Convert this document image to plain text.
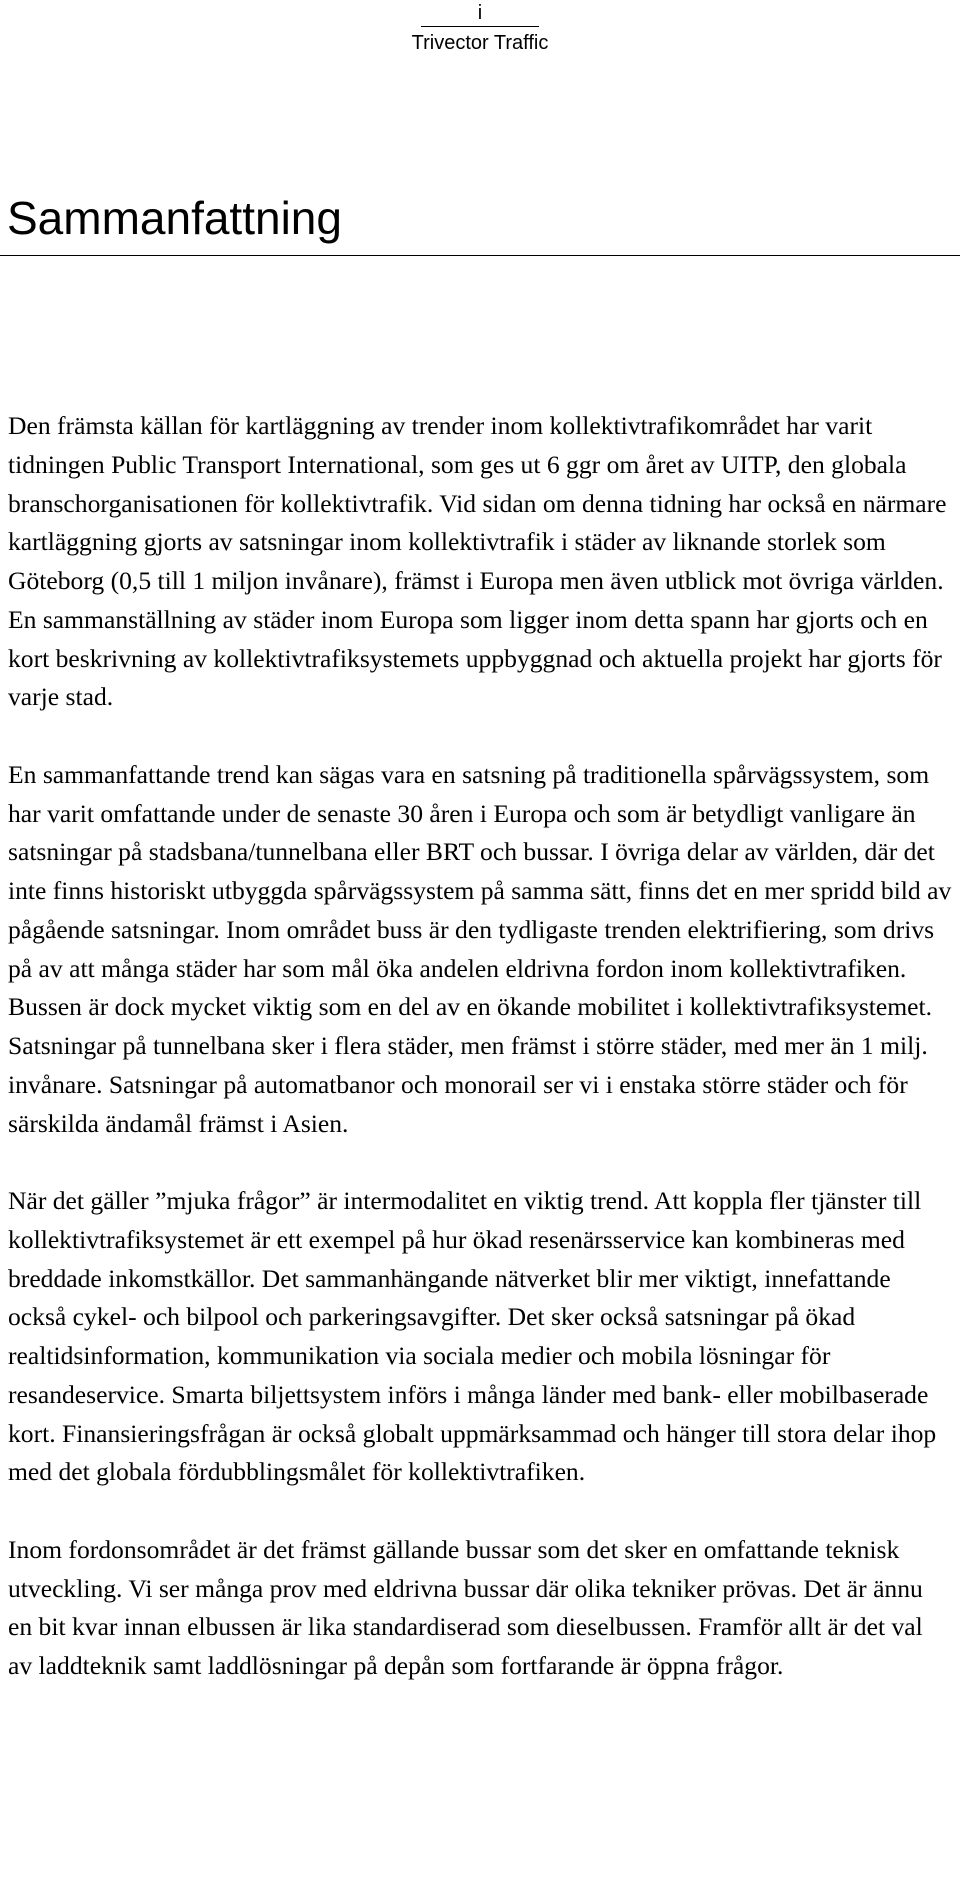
i
Trivector Traffic
Sammanfattning

Den främsta källan för kartläggning av trender inom kollektivtrafikområdet har varit tidningen Public Transport International, som ges ut 6 ggr om året av UITP, den globala branschorganisationen för kollektivtrafik. Vid sidan om denna tidning har också en närmare kartläggning gjorts av satsningar inom kollektivtrafik i städer av liknande storlek som Göteborg (0,5 till 1 miljon invånare), främst i Europa men även utblick mot övriga världen. En sammanställning av städer inom Europa som ligger inom detta spann har gjorts och en kort beskrivning av kollektivtrafiksystemets uppbyggnad och aktuella projekt har gjorts för varje stad.

En sammanfattande trend kan sägas vara en satsning på traditionella spårvägssystem, som har varit omfattande under de senaste 30 åren i Europa och som är betydligt vanligare än satsningar på stadsbana/tunnelbana eller BRT och bussar. I övriga delar av världen, där det inte finns historiskt utbyggda spårvägssystem på samma sätt, finns det en mer spridd bild av pågående satsningar. Inom området buss är den tydligaste trenden elektrifiering, som drivs på av att många städer har som mål öka andelen eldrivna fordon inom kollektivtrafiken. Bussen är dock mycket viktig som en del av en ökande mobilitet i kollektivtrafiksystemet. Satsningar på tunnelbana sker i flera städer, men främst i större städer, med mer än 1 milj. invånare. Satsningar på automatbanor och monorail ser vi i enstaka större städer och för särskilda ändamål främst i Asien.

När det gäller ”mjuka frågor” är intermodalitet en viktig trend. Att koppla fler tjänster till kollektivtrafiksystemet är ett exempel på hur ökad resenärsservice kan kombineras med breddade inkomstkällor. Det sammanhängande nätverket blir mer viktigt, innefattande också cykel- och bilpool och parkeringsavgifter. Det sker också satsningar på ökad realtidsinformation, kommunikation via sociala medier och mobila lösningar för resandeservice. Smarta biljettsystem införs i många länder med bank- eller mobilbaserade kort. Finansieringsfrågan är också globalt uppmärksammad och hänger till stora delar ihop med det globala fördubblingsmålet för kollektivtrafiken.

Inom fordonsområdet är det främst gällande bussar som det sker en omfattande teknisk utveckling. Vi ser många prov med eldrivna bussar där olika tekniker prövas. Det är ännu en bit kvar innan elbussen är lika standardiserad som dieselbussen. Framför allt är det val av laddteknik samt laddlösningar på depån som fortfarande är öppna frågor.
